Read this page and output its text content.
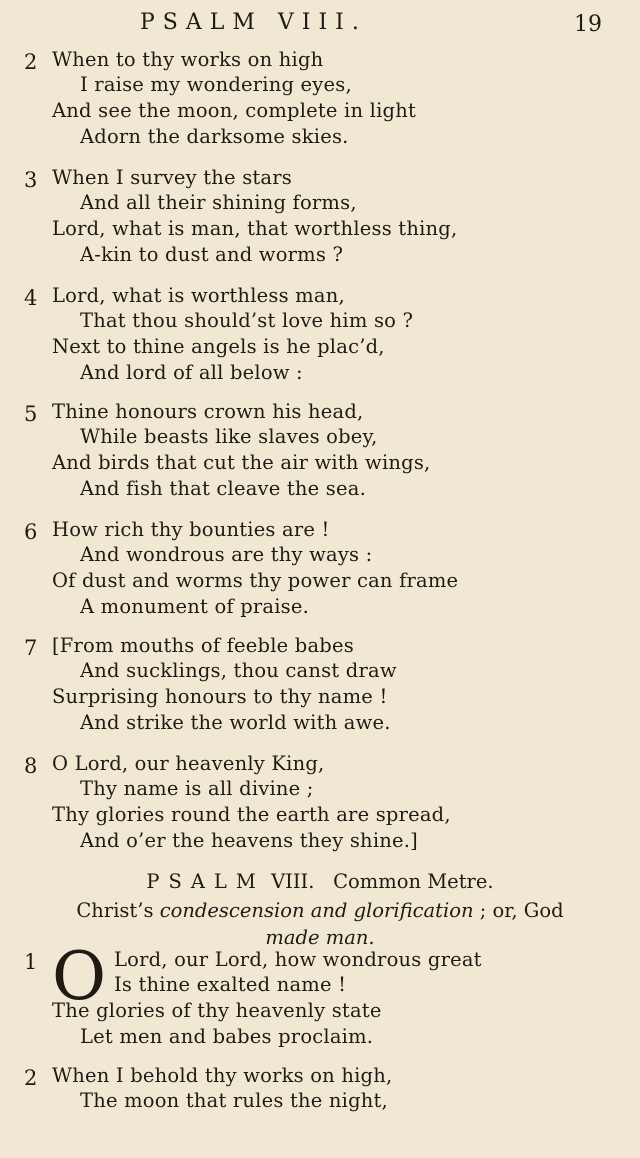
PSALM VIII.	19
2 When to thy works on high
I raise my wondering eyes,
And see the moon, complete in light
Adorn the darksome skies.
3 When I survey the stars
And all their shining forms,
Lord, what is man, that worthless thing,
A-kin to dust and worms ?
4 Lord, what is worthless man,
That thou should’st love him so ?
Next to thine angels is he plac’d,
And lord of all below :
5 Thine honours crown his head,
While beasts like slaves obey,
And birds that cut the air with wings,
And fish that cleave the sea.
6 How rich thy bounties are !
And wondrous are thy ways :
Of dust and worms thy power can frame
A monument of praise.
7 [From mouths of feeble babes
And sucklings, thou canst draw
Surprising honours to thy name !
And strike the world with awe.
8 O Lord, our heavenly King,
Thy name is all divine ;
Thy glories round the earth are spread,
And o’er the heavens they shine.]
PSALM VIII. Common Metre.
Christ’s condescension and glorification ; or, God
made man.
1	Lord, our Lord, how wondrous great
Is thine exalted name !
The glories of thy heavenly state
Let men and babes proclaim.
O
2 When I behold thy works on high,
The moon that rules the night,
